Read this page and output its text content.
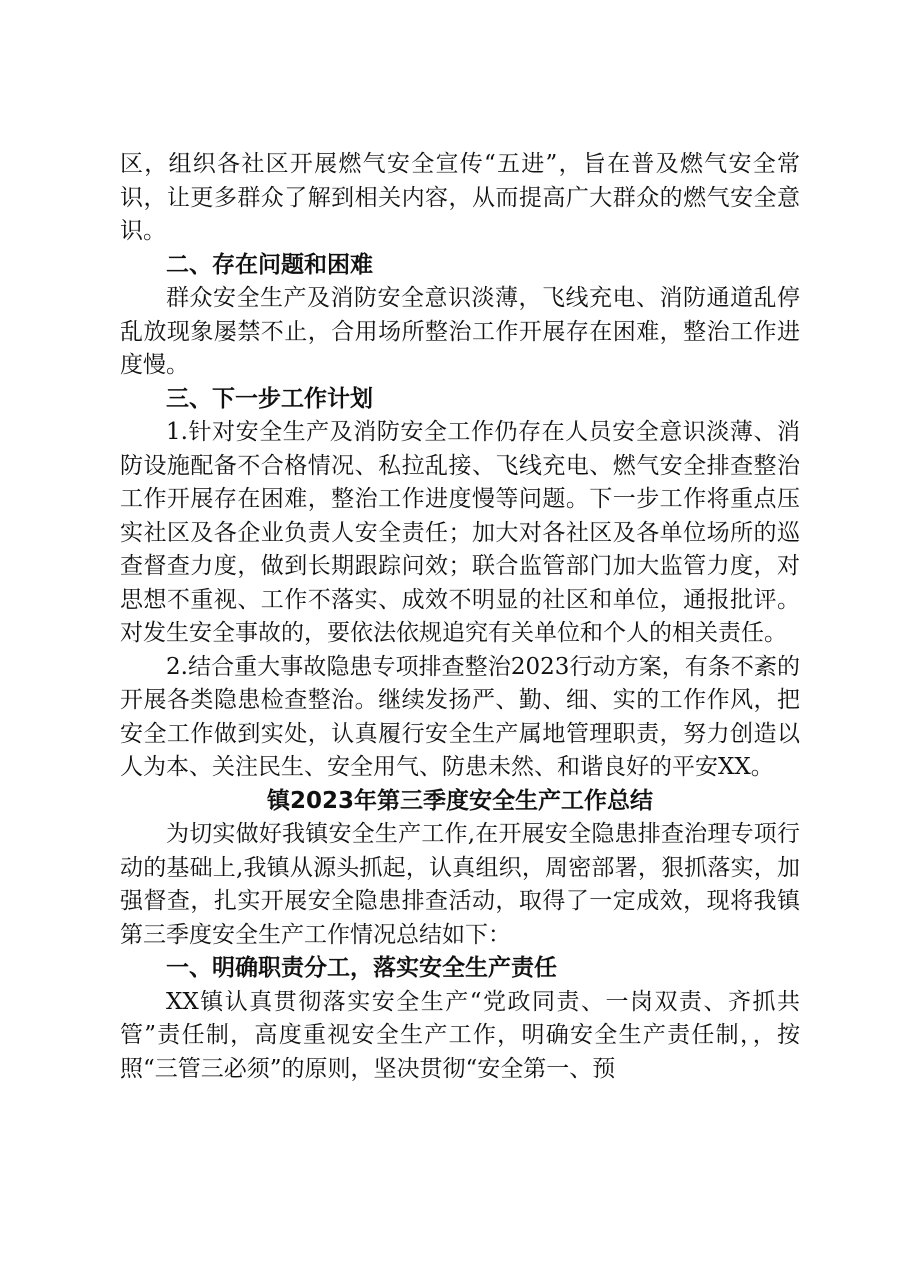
区，组织各社区开展燃气安全宣传“五进”，旨在普及燃气安全常识，让更多群众了解到相关内容，从而提高广大群众的燃气安全意识。

二、存在问题和困难

群众安全生产及消防安全意识淡薄，飞线充电、消防通道乱停乱放现象屡禁不止，合用场所整治工作开展存在困难，整治工作进度慢。

三、下一步工作计划

1.针对安全生产及消防安全工作仍存在人员安全意识淡薄、消防设施配备不合格情况、私拉乱接、飞线充电、燃气安全排查整治工作开展存在困难，整治工作进度慢等问题。下一步工作将重点压实社区及各企业负责人安全责任；加大对各社区及各单位场所的巡查督查力度，做到长期跟踪问效；联合监管部门加大监管力度，对思想不重视、工作不落实、成效不明显的社区和单位，通报批评。对发生安全事故的，要依法依规追究有关单位和个人的相关责任。

2.结合重大事故隐患专项排查整治2023行动方案，有条不紊的开展各类隐患检查整治。继续发扬严、勤、细、实的工作作风，把安全工作做到实处，认真履行安全生产属地管理职责，努力创造以人为本、关注民生、安全用气、防患未然、和谐良好的平安XX。

镇2023年第三季度安全生产工作总结

为切实做好我镇安全生产工作,在开展安全隐患排查治理专项行动的基础上,我镇从源头抓起，认真组织，周密部署，狠抓落实，加强督查，扎实开展安全隐患排查活动，取得了一定成效，现将我镇第三季度安全生产工作情况总结如下：

一、明确职责分工，落实安全生产责任

XX镇认真贯彻落实安全生产“党政同责、一岗双责、齐抓共管”责任制，高度重视安全生产工作，明确安全生产责任制，，按照“三管三必须”的原则，坚决贯彻“安全第一、预
